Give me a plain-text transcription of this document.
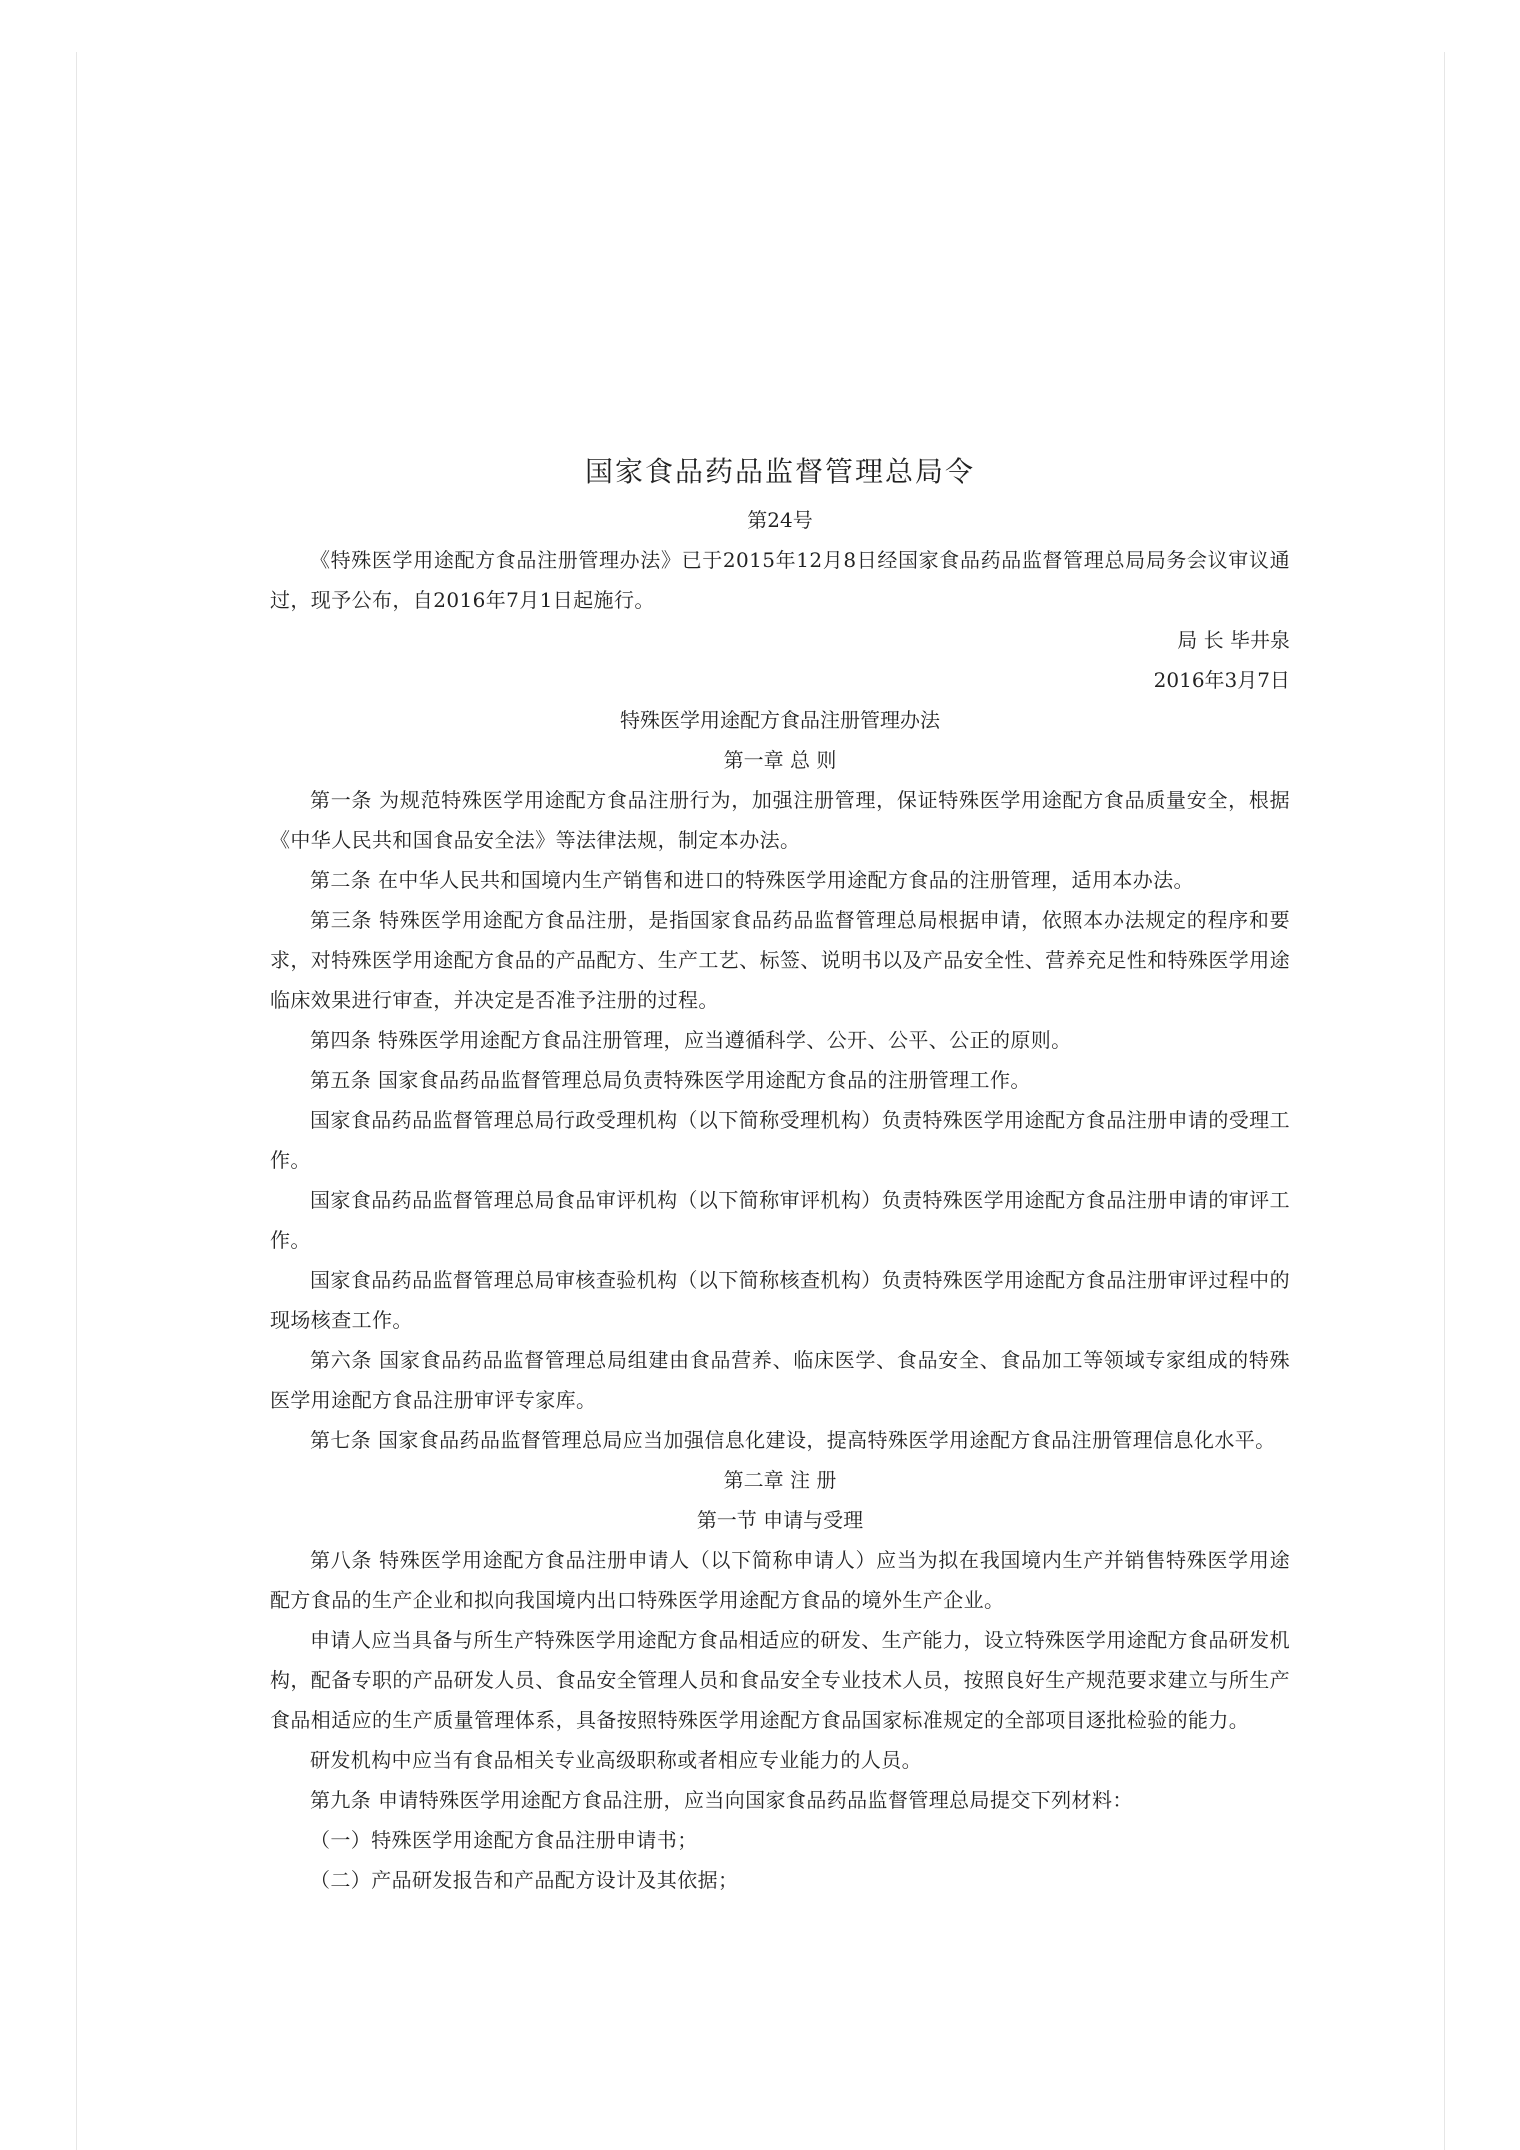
国家食品药品监督管理总局令

第24号

《特殊医学用途配方食品注册管理办法》已于2015年12月8日经国家食品药品监督管理总局局务会议审议通过，现予公布，自2016年7月1日起施行。

局 长 毕井泉

2016年3月7日

特殊医学用途配方食品注册管理办法

第一章 总 则

第一条 为规范特殊医学用途配方食品注册行为，加强注册管理，保证特殊医学用途配方食品质量安全，根据《中华人民共和国食品安全法》等法律法规，制定本办法。

第二条 在中华人民共和国境内生产销售和进口的特殊医学用途配方食品的注册管理，适用本办法。

第三条 特殊医学用途配方食品注册，是指国家食品药品监督管理总局根据申请，依照本办法规定的程序和要求，对特殊医学用途配方食品的产品配方、生产工艺、标签、说明书以及产品安全性、营养充足性和特殊医学用途临床效果进行审查，并决定是否准予注册的过程。

第四条 特殊医学用途配方食品注册管理，应当遵循科学、公开、公平、公正的原则。

第五条 国家食品药品监督管理总局负责特殊医学用途配方食品的注册管理工作。

国家食品药品监督管理总局行政受理机构（以下简称受理机构）负责特殊医学用途配方食品注册申请的受理工作。

国家食品药品监督管理总局食品审评机构（以下简称审评机构）负责特殊医学用途配方食品注册申请的审评工作。

国家食品药品监督管理总局审核查验机构（以下简称核查机构）负责特殊医学用途配方食品注册审评过程中的现场核查工作。

第六条 国家食品药品监督管理总局组建由食品营养、临床医学、食品安全、食品加工等领域专家组成的特殊医学用途配方食品注册审评专家库。

第七条 国家食品药品监督管理总局应当加强信息化建设，提高特殊医学用途配方食品注册管理信息化水平。

第二章 注 册

第一节 申请与受理

第八条 特殊医学用途配方食品注册申请人（以下简称申请人）应当为拟在我国境内生产并销售特殊医学用途配方食品的生产企业和拟向我国境内出口特殊医学用途配方食品的境外生产企业。

申请人应当具备与所生产特殊医学用途配方食品相适应的研发、生产能力，设立特殊医学用途配方食品研发机构，配备专职的产品研发人员、食品安全管理人员和食品安全专业技术人员，按照良好生产规范要求建立与所生产食品相适应的生产质量管理体系，具备按照特殊医学用途配方食品国家标准规定的全部项目逐批检验的能力。

研发机构中应当有食品相关专业高级职称或者相应专业能力的人员。

第九条 申请特殊医学用途配方食品注册，应当向国家食品药品监督管理总局提交下列材料：

（一）特殊医学用途配方食品注册申请书；

（二）产品研发报告和产品配方设计及其依据；
